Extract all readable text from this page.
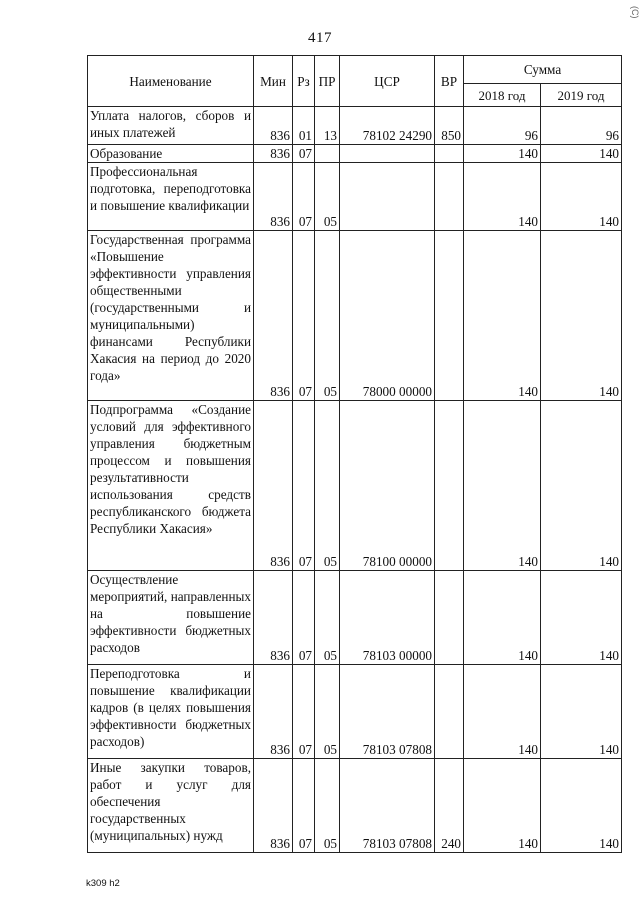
417
(C)
Наименование	Мин	Рз	ПР	ЦСР	ВР	Сумма	
						2018 год	2019 год
Уплата налогов, сборов и иных платежей	836	01	13	78102 24290	850	96	96
Образование	836	07				140	140
Профессиональная подготовка, переподготовка и повышение квалификации	836	07	05			140	140
Государственная программа «Повышение эффективности управления общественными (государственными и муниципальными) финансами Республики Хакасия на период до 2020 года»	836	07	05	78000 00000		140	140
Подпрограмма «Создание условий для эффективного управления бюджетным процессом и повышения результативности использования средств республиканского бюджета Республики Хакасия»	836	07	05	78100 00000		140	140
Осуществление мероприятий, направленных на повышение эффективности бюджетных расходов	836	07	05	78103 00000		140	140
Переподготовка и повышение квалификации кадров (в целях повышения эффективности бюджетных расходов)	836	07	05	78103 07808		140	140
Иные закупки товаров, работ и услуг для обеспечения государственных (муниципальных) нужд	836	07	05	78103 07808	240	140	140
k309 h2
